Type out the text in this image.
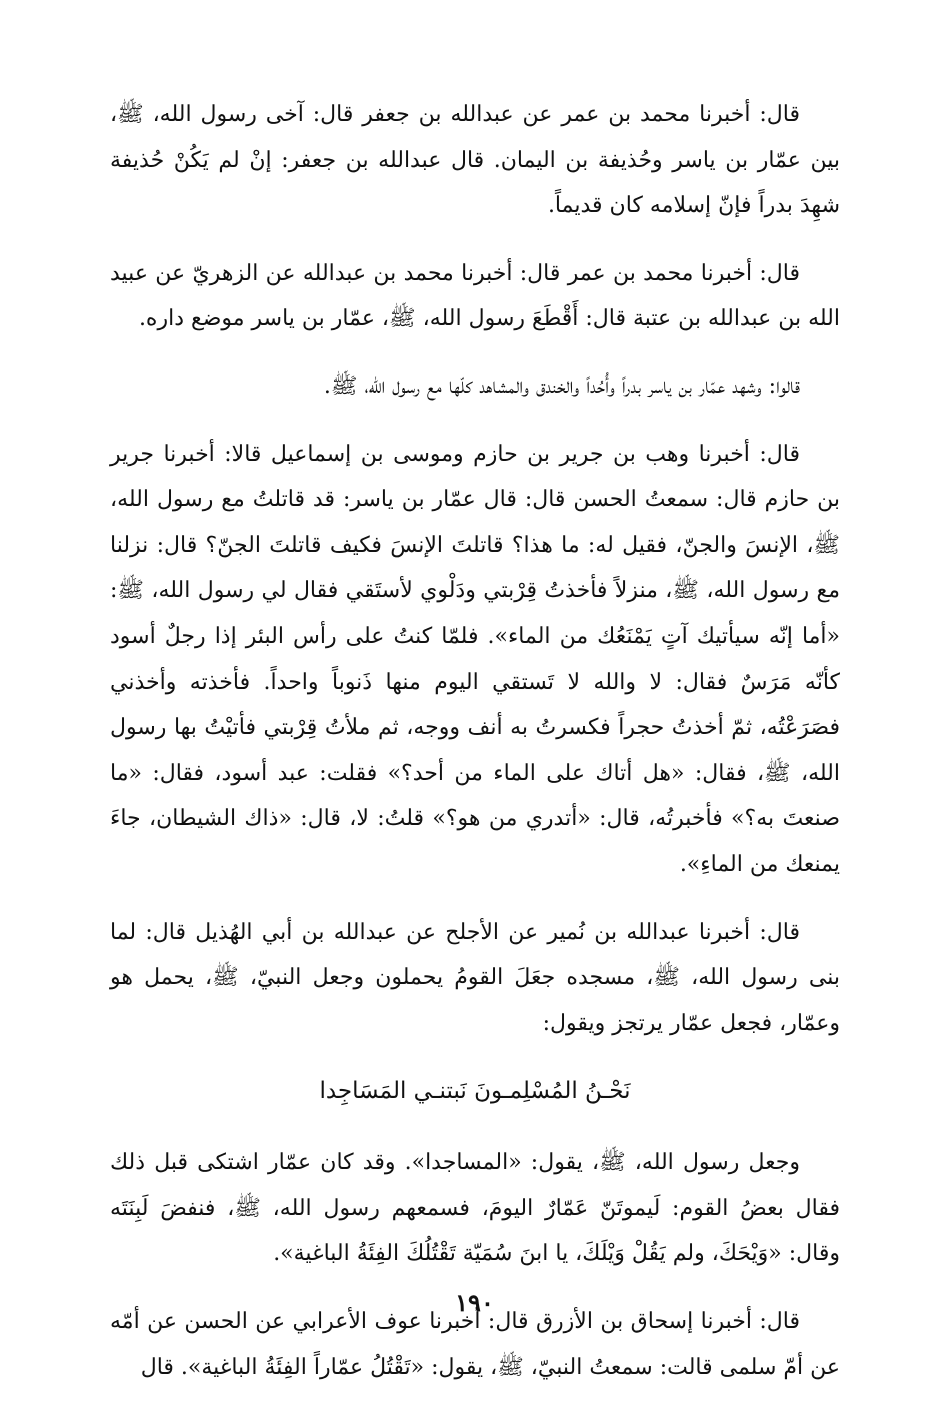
قال: أخبرنا محمد بن عمر عن عبدالله بن جعفر قال: آخى رسول الله، ﷺ، بين عمّار بن ياسر وحُذيفة بن اليمان. قال عبدالله بن جعفر: إنْ لم يَكُنْ حُذيفة شهِدَ بدراً فإنّ إسلامه كان قديماً.

قال: أخبرنا محمد بن عمر قال: أخبرنا محمد بن عبدالله عن الزهريّ عن عبيد الله بن عبدالله بن عتبة قال: أَقْطَعَ رسول الله، ﷺ، عمّار بن ياسر موضع داره.

قالوا: وشهد عمّار بن ياسر بدراً وأُحُداً والخندق والمشاهد كلّها مع رسول الله، ﷺ.

قال: أخبرنا وهب بن جرير بن حازم وموسى بن إسماعيل قالا: أخبرنا جرير بن حازم قال: سمعتُ الحسن قال: قال عمّار بن ياسر: قد قاتلتُ مع رسول الله، ﷺ، الإنسَ والجنّ، فقيل له: ما هذا؟ قاتلتَ الإنسَ فكيف قاتلتَ الجنّ؟ قال: نزلنا مع رسول الله، ﷺ، منزلاً فأخذتُ قِرْبتي ودَلْوي لأستَقي فقال لي رسول الله، ﷺ: «أما إنّه سيأتيك آتٍ يَمْنَعُك من الماء». فلمّا كنتُ على رأس البئر إذا رجلٌ أسود كأنّه مَرَسٌ فقال: لا والله لا تَستقي اليوم منها ذَنوباً واحداً. فأخذته وأخذني فصَرَعْتُه، ثمّ أخذتُ حجراً فكسرتُ به أنف ووجه، ثم ملأتُ قِرْبتي فأتيْتُ بها رسول الله، ﷺ، فقال: «هل أتاك على الماء من أحد؟» فقلت: عبد أسود، فقال: «ما صنعتَ به؟» فأخبرتُه، قال: «أتدري من هو؟» قلتُ: لا، قال: «ذاك الشيطان، جاءَ يمنعك من الماءِ».

قال: أخبرنا عبدالله بن نُمير عن الأجلح عن عبدالله بن أبي الهُذيل قال: لما بنى رسول الله، ﷺ، مسجده جعَلَ القومُ يحملون وجعل النبيّ، ﷺ، يحمل هو وعمّار، فجعل عمّار يرتجز ويقول:

نَحْـنُ المُسْلِمـونَ نَبتنـي المَسَاجِدا

وجعل رسول الله، ﷺ، يقول: «المساجدا». وقد كان عمّار اشتكى قبل ذلك فقال بعضُ القوم: لَيموتَنّ عَمّارٌ اليومَ، فسمعهم رسول الله، ﷺ، فنفضَ لَبِنَتَه وقال: «وَيْحَكَ، ولم يَقُلْ وَيْلَكَ، يا ابنَ سُمَيّة تَقْتُلُكَ الفِئَةُ الباغية».

قال: أخبرنا إسحاق بن الأزرق قال: أخبرنا عوف الأعرابي عن الحسن عن أمّه عن أمّ سلمى قالت: سمعتُ النبيّ، ﷺ، يقول: «تَقْتُلُ عمّاراً الفِئَةُ الباغية». قال

١٩٠
